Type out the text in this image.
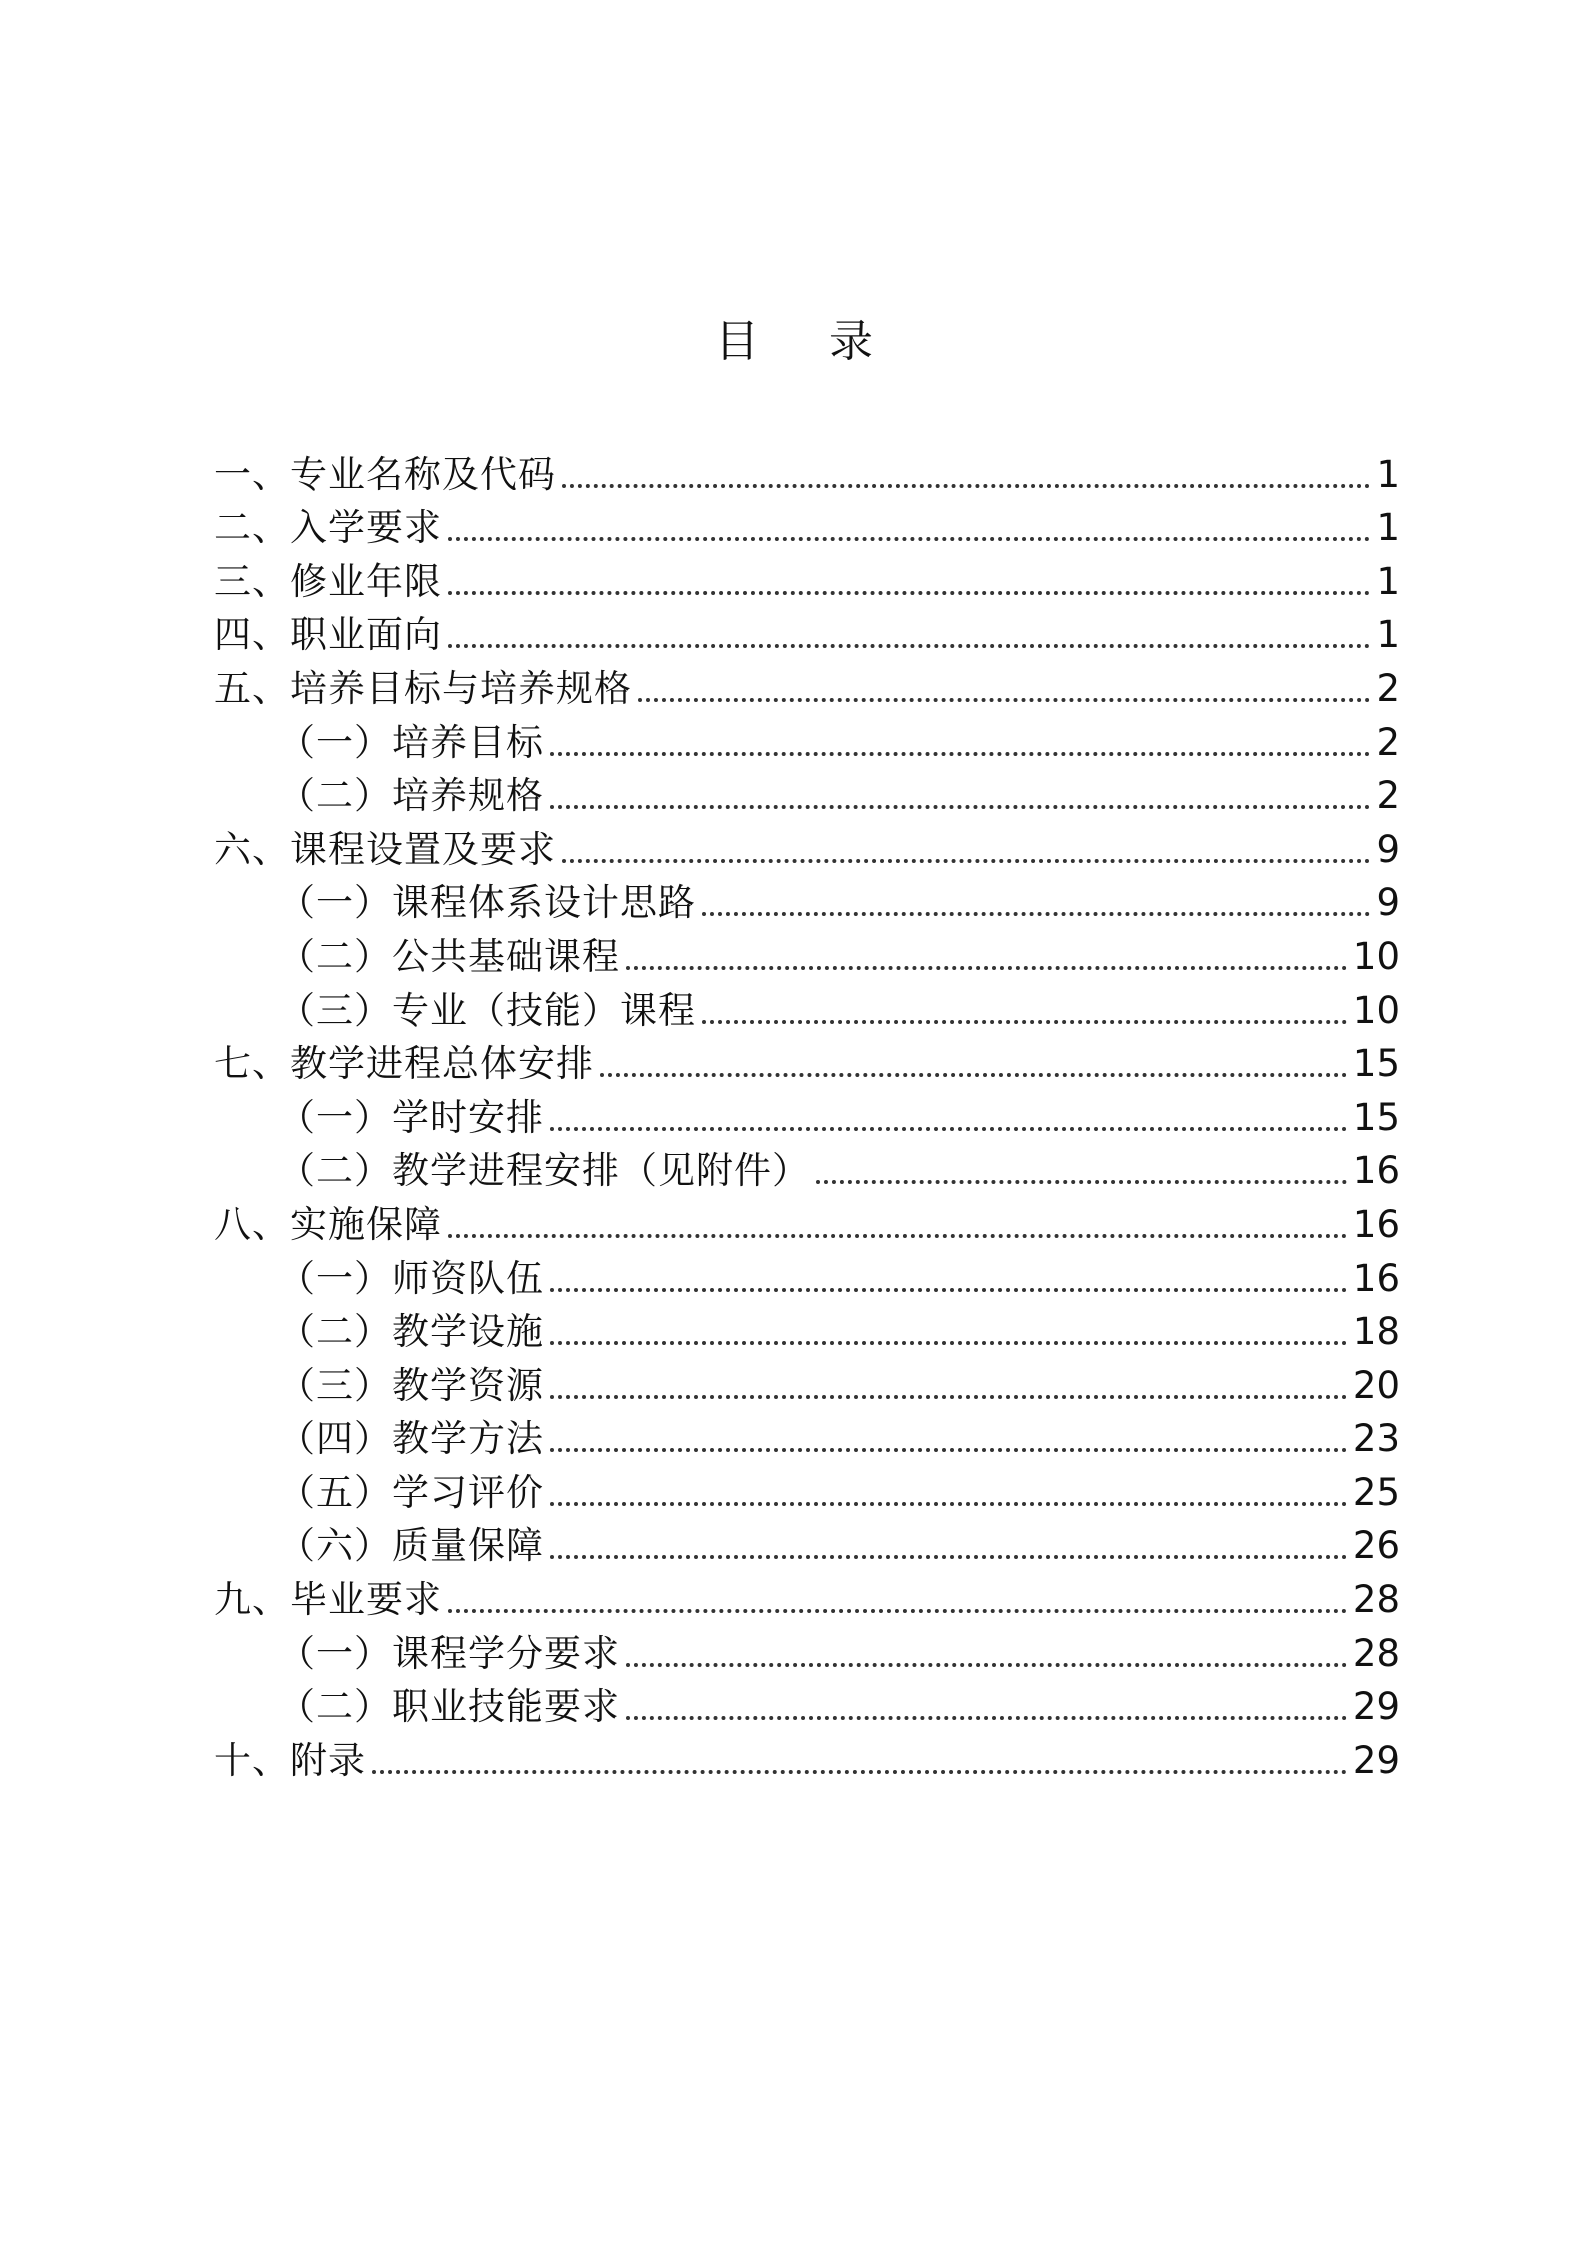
目 录
一、专业名称及代码	1
二、入学要求	1
三、修业年限	1
四、职业面向	1
五、培养目标与培养规格	2
（一）培养目标	2
（二）培养规格	2
六、课程设置及要求	9
（一）课程体系设计思路	9
（二）公共基础课程	10
（三）专业（技能）课程	10
七、教学进程总体安排	15
（一）学时安排	15
（二）教学进程安排（见附件）	16
八、实施保障	16
（一）师资队伍	16
（二）教学设施	18
（三）教学资源	20
（四）教学方法	23
（五）学习评价	25
（六）质量保障	26
九、毕业要求	28
（一）课程学分要求	28
（二）职业技能要求	29
十、附录	29
